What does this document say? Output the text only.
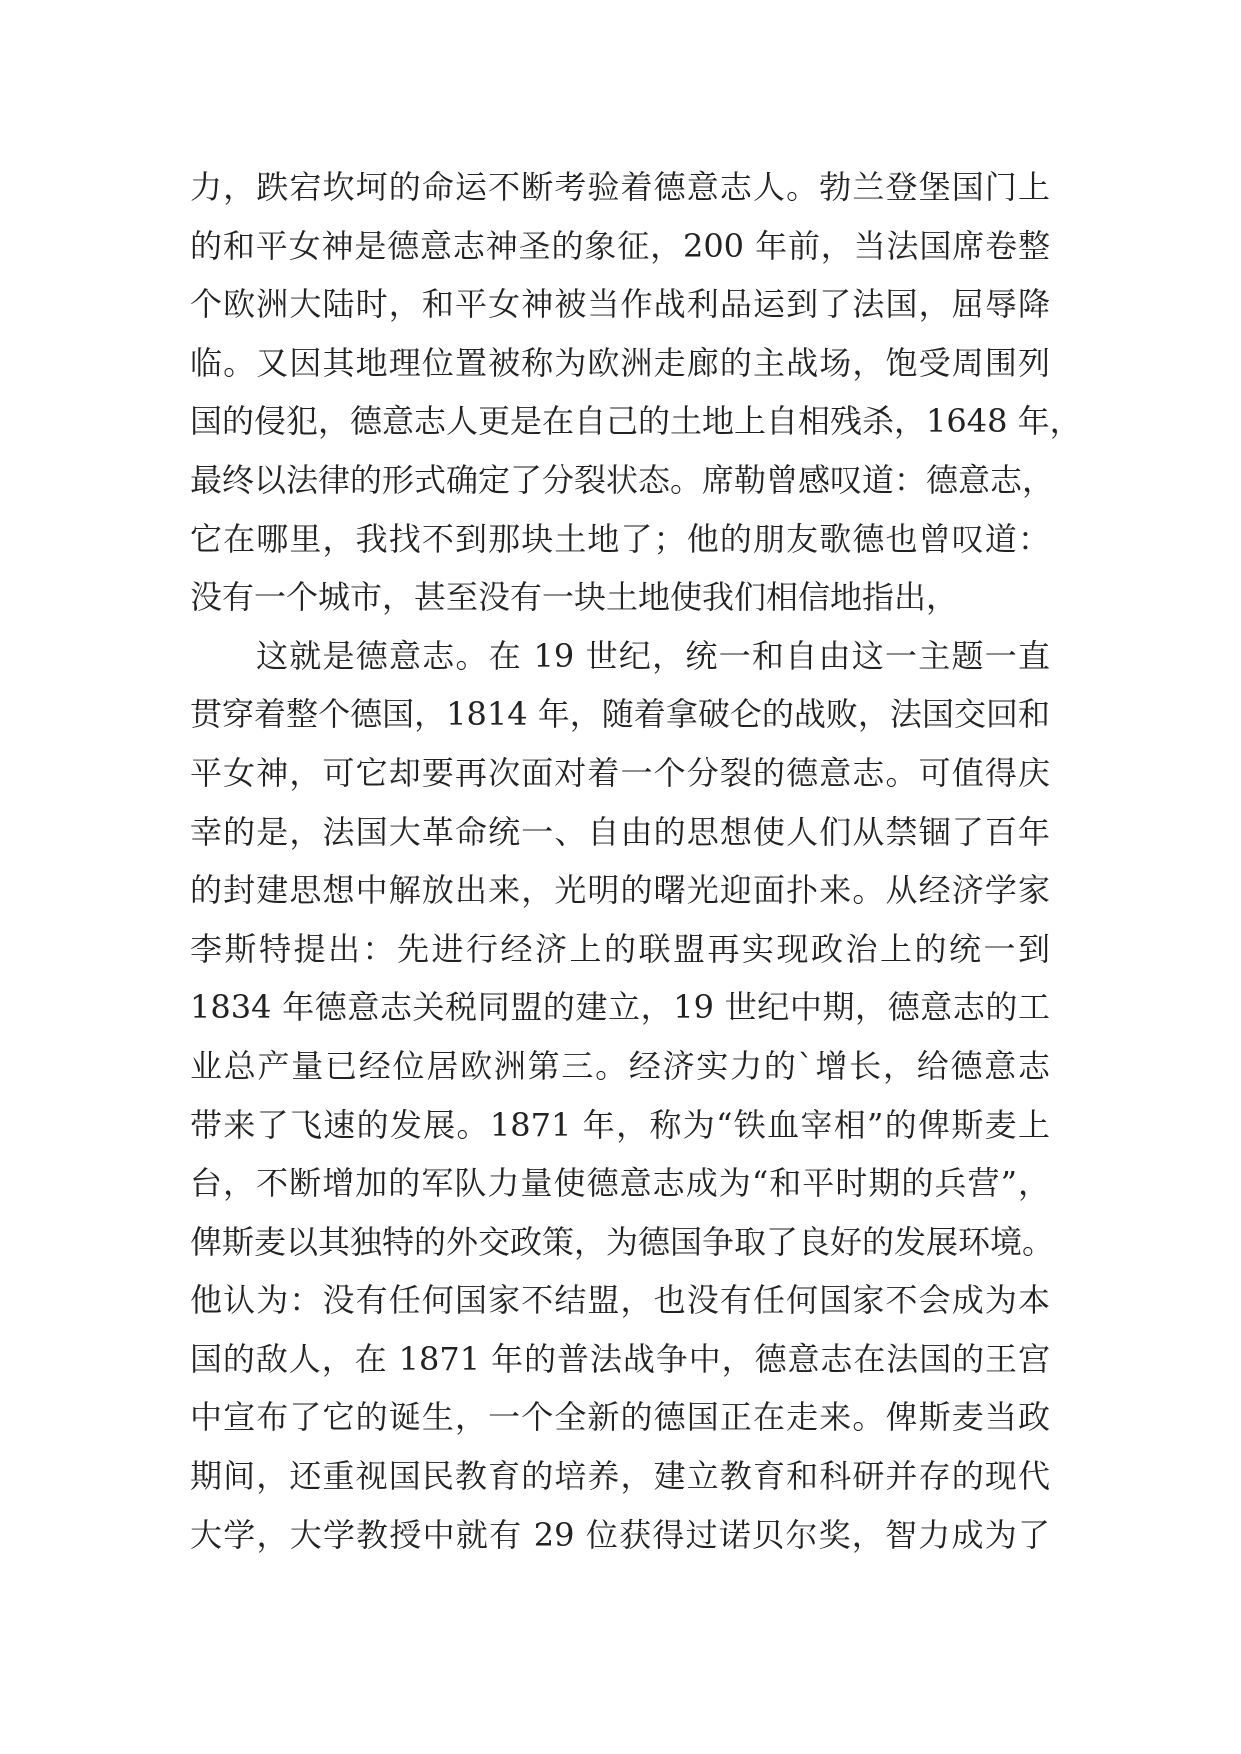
力，跌宕坎坷的命运不断考验着德意志人。勃兰登堡国门上
的和平女神是德意志神圣的象征，200 年前，当法国席卷整
个欧洲大陆时，和平女神被当作战利品运到了法国，屈辱降
临。又因其地理位置被称为欧洲走廊的主战场，饱受周围列
国的侵犯，德意志人更是在自己的土地上自相残杀，1648 年，
最终以法律的形式确定了分裂状态。席勒曾感叹道：德意志，
它在哪里，我找不到那块土地了；他的朋友歌德也曾叹道：
没有一个城市，甚至没有一块土地使我们相信地指出，
这就是德意志。在 19 世纪，统一和自由这一主题一直
贯穿着整个德国，1814 年，随着拿破仑的战败，法国交回和
平女神，可它却要再次面对着一个分裂的德意志。可值得庆
幸的是，法国大革命统一、自由的思想使人们从禁锢了百年
的封建思想中解放出来，光明的曙光迎面扑来。从经济学家
李斯特提出：先进行经济上的联盟再实现政治上的统一到
1834 年德意志关税同盟的建立，19 世纪中期，德意志的工
业总产量已经位居欧洲第三。经济实力的`增长，给德意志
带来了飞速的发展。1871 年，称为“铁血宰相”的俾斯麦上
台，不断增加的军队力量使德意志成为“和平时期的兵营”，
俾斯麦以其独特的外交政策，为德国争取了良好的发展环境。
他认为：没有任何国家不结盟，也没有任何国家不会成为本
国的敌人，在 1871 年的普法战争中，德意志在法国的王宫
中宣布了它的诞生，一个全新的德国正在走来。俾斯麦当政
期间，还重视国民教育的培养，建立教育和科研并存的现代
大学，大学教授中就有 29 位获得过诺贝尔奖，智力成为了
